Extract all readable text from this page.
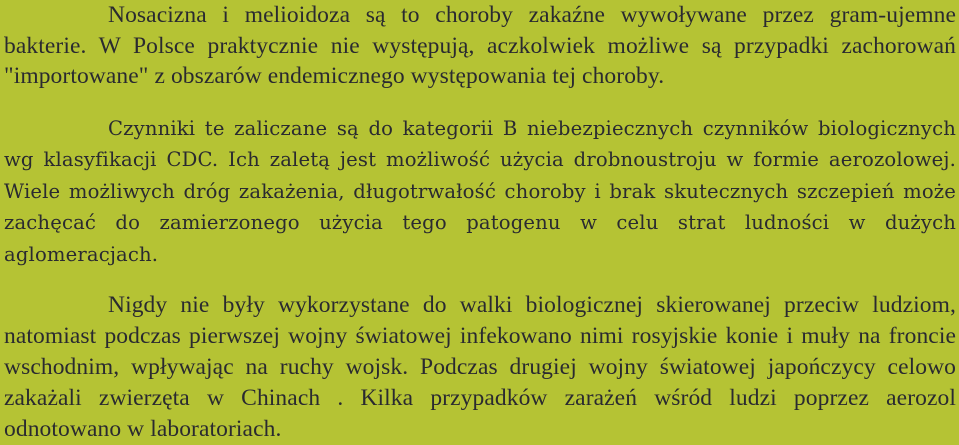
Nosacizna i melioidoza są to choroby zakaźne wywoływane przez gram-ujemne bakterie. W Polsce praktycznie nie występują, aczkolwiek możliwe są przypadki zachorowań "importowane" z obszarów endemicznego występowania tej choroby.

Czynniki te zaliczane są do kategorii B niebezpiecznych czynników biologicznych wg klasyfikacji CDC. Ich zaletą jest możliwość użycia drobnoustroju w formie aerozolowej. Wiele możliwych dróg zakażenia, długotrwałość choroby i brak skutecznych szczepień może zachęcać do zamierzonego użycia tego patogenu w celu strat ludności w dużych aglomeracjach.

Nigdy nie były wykorzystane do walki biologicznej skierowanej przeciw ludziom, natomiast podczas pierwszej wojny światowej infekowano nimi rosyjskie konie i muły na froncie wschodnim, wpływając na ruchy wojsk. Podczas drugiej wojny światowej japończycy celowo zakażali zwierzęta w Chinach . Kilka przypadków zarażeń wśród ludzi poprzez aerozol odnotowano w laboratoriach.
